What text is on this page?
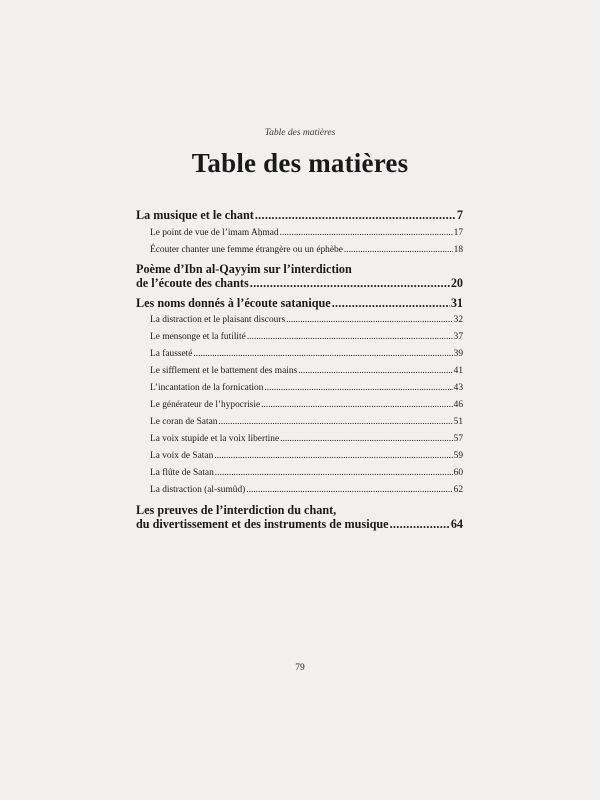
Table des matières
Table des matières
La musique et le chant .....	7
Le point de vue de l’imam Aḥmad .....	17
Écouter chanter une femme étrangère ou un éphèbe .....	18
Poème d’Ibn al-Qayyim sur l’interdiction
de l’écoute des chants .....	20
Les noms donnés à l’écoute satanique .....	31
La distraction et le plaisant discours .....	32
Le mensonge et la futilité .....	37
La fausseté .....	39
Le sifflement et le battement des mains .....	41
L’incantation de la fornication .....	43
Le générateur de l’hypocrisie .....	46
Le coran de Satan .....	51
La voix stupide et la voix libertine .....	57
La voix de Satan .....	59
La flûte de Satan .....	60
La distraction (al-sumûd) .....	62
Les preuves de l’interdiction du chant,
du divertissement et des instruments de musique .....	64
79
